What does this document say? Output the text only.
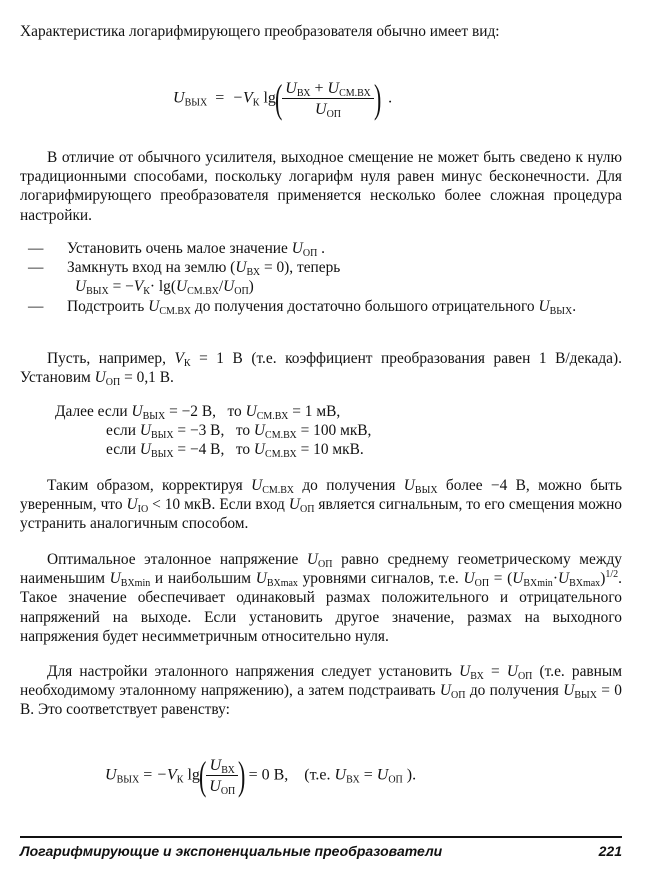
Характеристика логарифмирующего преобразователя обычно имеет вид:

$U_{ВЫХ} = -V_К$ $\lg( \frac{U_{ВХ} + U_{СМ.ВХ}}{U_{ОП}}$ ) .

В отличие от обычного усилителя, выходное смещение не может быть сведено к нулю традиционными способами, поскольку логарифм нуля равен минус бесконечности. Для логарифмирующего преобразователя применяется несколько более сложная процедура настройки.

— Установить очень малое значение $U_{ОП}$ .
— Замкнуть вход на землю $(U_{ВХ} = 0)$, теперь
$U_{ВЫХ} = -V_К\cdot \lg(U_{СМ.ВХ}/U_{ОП})$
— Подстроить $U_{СМ.ВХ}$ до получения достаточно большого отрицательного $U_{ВЫХ}$.

Пусть, например, $V_К = 1$ В (т.е. коэффициент преобразования равен 1 В/декада). Установим $U_{ОП} = 0,1$ В.

Далее если $U_{ВЫХ} = -2$ В, то $U_{СМ.ВХ} = 1$ мВ,
если $U_{ВЫХ} = -3$ В, то $U_{СМ.ВХ} = 100$ мкВ,
если $U_{ВЫХ} = -4$ В, то $U_{СМ.ВХ} = 10$ мкВ.

Таким образом, корректируя $U_{СМ.ВХ}$ до получения $U_{ВЫХ}$ более −4 В, можно быть уверенным, что $U_{IO} < 10$ мкВ. Если вход $U_{ОП}$ является сигнальным, то его смещения можно устранить аналогичным способом.

Оптимальное эталонное напряжение $U_{ОП}$ равно среднему геометрическому между наименьшим $U_{BXmin}$ и наибольшим $U_{BXmax}$ уровнями сигналов, т.е. $U_{ОП} = (U_{BXmin}\cdot U_{BXmax})^{1/2}$. Такое значение обеспечивает одинаковый размах положительного и отрицательного напряжений на выходе. Если установить другое значение, размах на выходного напряжения будет несимметричным относительно нуля.

Для настройки эталонного напряжения следует установить $U_{ВХ} = U_{ОП}$ (т.е. равным необходимому эталонному напряжению), а затем подстраивать $U_{ОП}$ до получения $U_{ВЫХ} = 0$ В. Это соответствует равенству:

$U_{ВЫХ} = -V_К$ $\lg( \frac{U_{ВХ}}{U_{ОП}}$ ) = 0 В, (т.е. $U_{ВХ} = U_{ОП}$ ).
Логарифмирующие и экспоненциальные преобразователи	221
